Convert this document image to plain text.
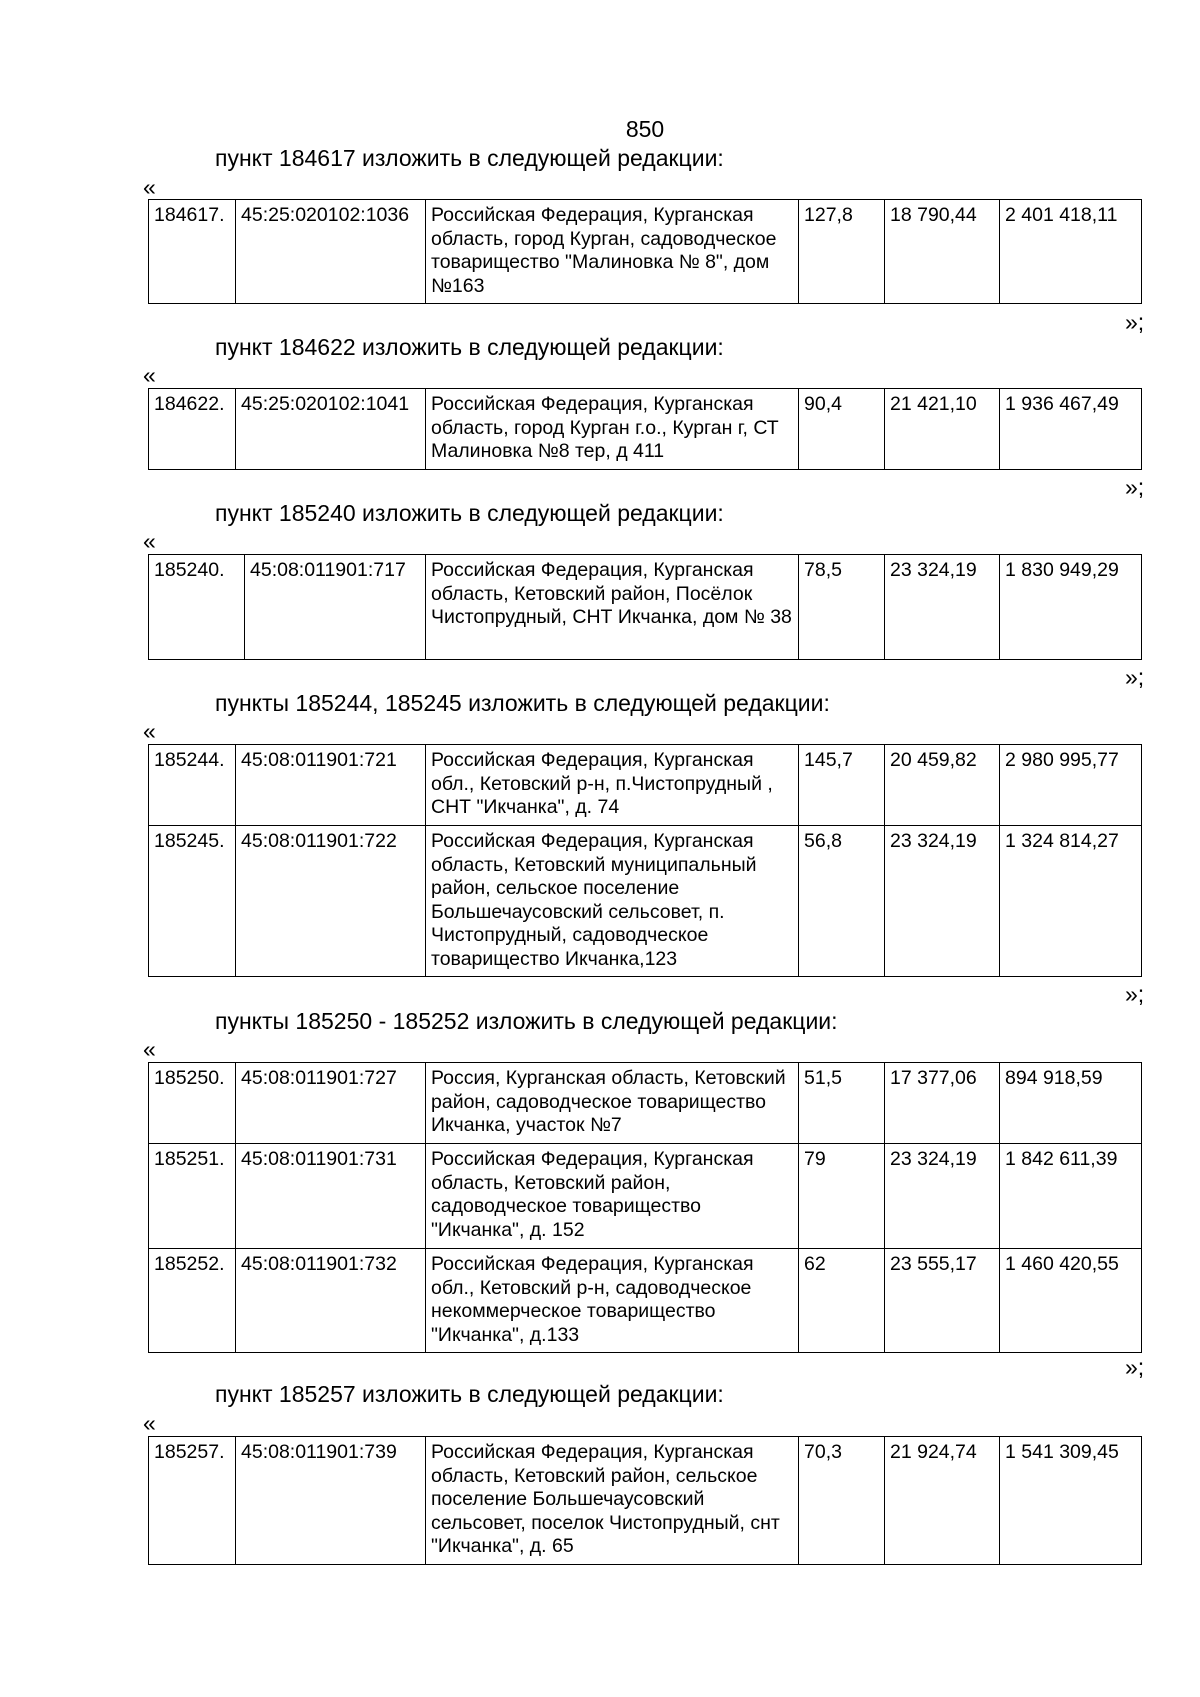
850
пункт 184617 изложить в следующей редакции:
«
184617.	45:25:020102:1036	Российская Федерация, Курганская область, город Курган, садоводческое товарищество "Малиновка № 8", дом №163	127,8	18 790,44	2 401 418,11
»;
пункт 184622 изложить в следующей редакции:
«
184622.	45:25:020102:1041	Российская Федерация, Курганская область, город Курган г.о., Курган г, СТ Малиновка №8 тер, д 411	90,4	21 421,10	1 936 467,49
»;
пункт 185240 изложить в следующей редакции:
«
185240.	45:08:011901:717	Российская Федерация, Курганская область, Кетовский район, Посёлок Чистопрудный, СНТ Икчанка, дом № 38	78,5	23 324,19	1 830 949,29
»;
пункты 185244, 185245 изложить в следующей редакции:
«
185244.	45:08:011901:721	Российская Федерация, Курганская обл., Кетовский р-н, п.Чистопрудный , СНТ "Икчанка", д. 74	145,7	20 459,82	2 980 995,77
185245.	45:08:011901:722	Российская Федерация, Курганская область, Кетовский муниципальный район, сельское поселение Большечаусовский сельсовет, п. Чистопрудный, садоводческое товарищество Икчанка,123	56,8	23 324,19	1 324 814,27
»;
пункты 185250 - 185252 изложить в следующей редакции:
«
185250.	45:08:011901:727	Россия, Курганская область, Кетовский район, садоводческое товарищество Икчанка, участок №7	51,5	17 377,06	894 918,59
185251.	45:08:011901:731	Российская Федерация, Курганская область, Кетовский район, садоводческое товарищество "Икчанка", д. 152	79	23 324,19	1 842 611,39
185252.	45:08:011901:732	Российская Федерация, Курганская обл., Кетовский р-н, садоводческое некоммерческое товарищество "Икчанка", д.133	62	23 555,17	1 460 420,55
»;
пункт 185257 изложить в следующей редакции:
«
185257.	45:08:011901:739	Российская Федерация, Курганская область, Кетовский район, сельское поселение Большечаусовский сельсовет, поселок Чистопрудный, снт "Икчанка", д. 65	70,3	21 924,74	1 541 309,45
